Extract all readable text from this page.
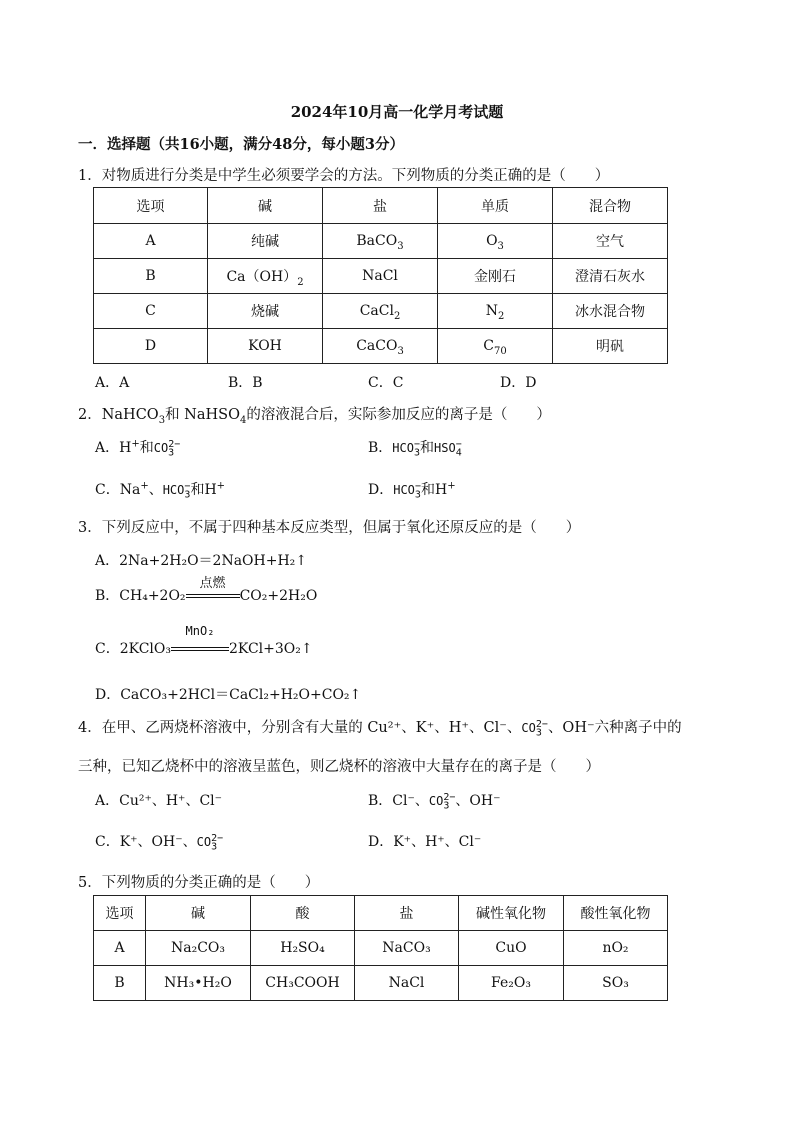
2024年10月高一化学月考试题
一．选择题（共16小题，满分48分，每小题3分）
1．对物质进行分类是中学生必须要学会的方法。下列物质的分类正确的是（　　）
选项	碱	盐	单质	混合物
A	纯碱	BaCO$_3$	$O_3$	空气
B	$Ca(OH)_2$	NaCl	金刚石	澄清石灰水
C	烧碱	CaCl$_2$	$N_2$	冰水混合物
D	KOH	CaCO$_3$	$C_{70}$	明矾
A．A	B．B	C．C	D．D
2．NaHCO$_3$和 NaHSO$_4$的溶液混合后，实际参加反应的离子是（　　）
A．H+和$CO_3^{2-}$	B．$HCO_3^-$和$HSO_4^-$
C．Na+、$HCO_3^-$和H+	D．$HCO_3^-$和H+
3．下列反应中，不属于四种基本反应类型，但属于氧化还原反应的是（　　）
A．2Na+2H₂O＝2NaOH+H₂↑
B．CH₄+2O₂
点燃
CO₂+2H₂O
C．2KClO₃
MnO₂
2KCl+3O₂↑
D．CaCO₃+2HCl＝CaCl₂+H₂O+CO₂↑
4．在甲、乙两烧杯溶液中，分别含有大量的 Cu²⁺、K⁺、H⁺、Cl⁻、$CO_3^{2-}$、OH⁻六种离子中的
三种，已知乙烧杯中的溶液呈蓝色，则乙烧杯的溶液中大量存在的离子是（　　）
A．Cu²⁺、H⁺、Cl⁻	B．Cl⁻、$CO_3^{2-}$、OH⁻
C．K⁺、OH⁻、$CO_3^{2-}$	D．K⁺、H⁺、Cl⁻
5．下列物质的分类正确的是（　　）
选项	碱	酸	盐	碱性氧化物	酸性氧化物
A	Na₂CO₃	H₂SO₄	NaCO₃	CuO	nO₂
B	NH₃•H₂O	CH₃COOH	NaCl	Fe₂O₃	SO₃
